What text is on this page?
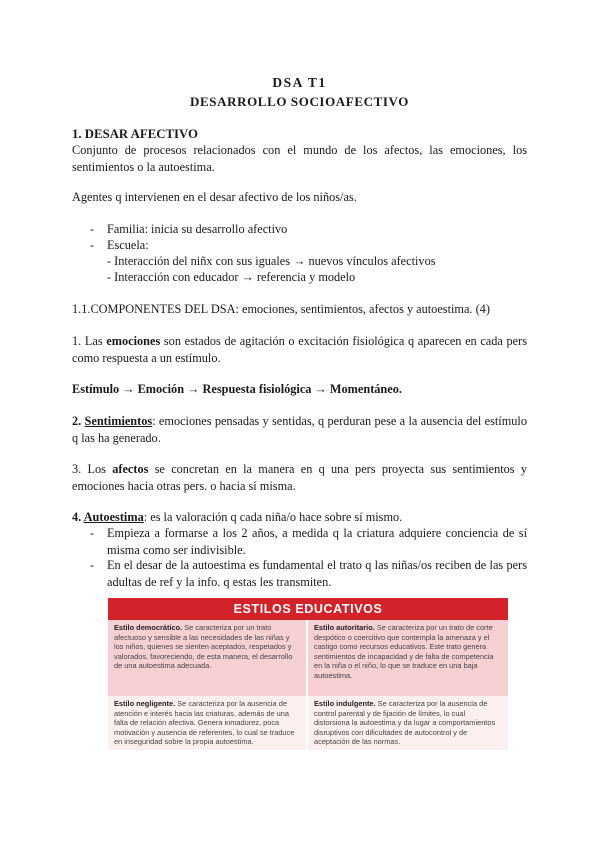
DSA T1
DESARROLLO SOCIOAFECTIVO
1. DESAR AFECTIVO
Conjunto de procesos relacionados con el mundo de los afectos, las emociones, los sentimientos o la autoestima.
Agentes q intervienen en el desar afectivo de los niños/as.
- Familia: inicia su desarrollo afectivo
- Escuela:
- Interacción del niñx con sus iguales → nuevos vínculos afectivos
- Interacción con educador → referencia y modelo
1.1.COMPONENTES DEL DSA: emociones, sentimientos, afectos y autoestima. (4)
1. Las emociones son estados de agitación o excitación fisiológica q aparecen en cada pers como respuesta a un estímulo.
Estímulo → Emoción → Respuesta fisiológica → Momentáneo.
2. Sentimientos: emociones pensadas y sentidas, q perduran pese a la ausencia del estímulo q las ha generado.
3. Los afectos se concretan en la manera en q una pers proyecta sus sentimientos y emociones hacia otras pers. o hacia sí misma.
4. Autoestima: es la valoración q cada niña/o hace sobre sí mismo.
- Empieza a formarse a los 2 años, a medida q la criatura adquiere conciencia de sí misma como ser indivisible.
- En el desar de la autoestima es fundamental el trato q las niñas/os reciben de las pers adultas de ref y la info. q estas les transmiten.
ESTILOS EDUCATIVOS
Estilo democrático. Se caracteriza por un trato afectuoso y sensible a las necesidades de las niñas y los niños, quienes se sienten aceptados, respetados y valorados, favoreciendo, de esta manera, el desarrollo de una autoestima adecuada.
Estilo autoritario. Se caracteriza por un trato de corte despótico o coercitivo que contempla la amenaza y el castigo como recursos educativos. Este trato genera sentimientos de incapacidad y de falta de competencia en la niña o el niño, lo que se traduce en una baja autoestima.
Estilo negligente. Se caracteriza por la ausencia de atención e interés hacia las criaturas, además de una falta de relación afectiva. Genera inmadurez, poca motivación y ausencia de referentes, lo cual se traduce en inseguridad sobre la propia autoestima.
Estilo indulgente. Se caracteriza por la ausencia de control parental y de fijación de límites, lo cual distorsiona la autoestima y da lugar a comportamientos disruptivos con dificultades de autocontrol y de aceptación de las normas.
